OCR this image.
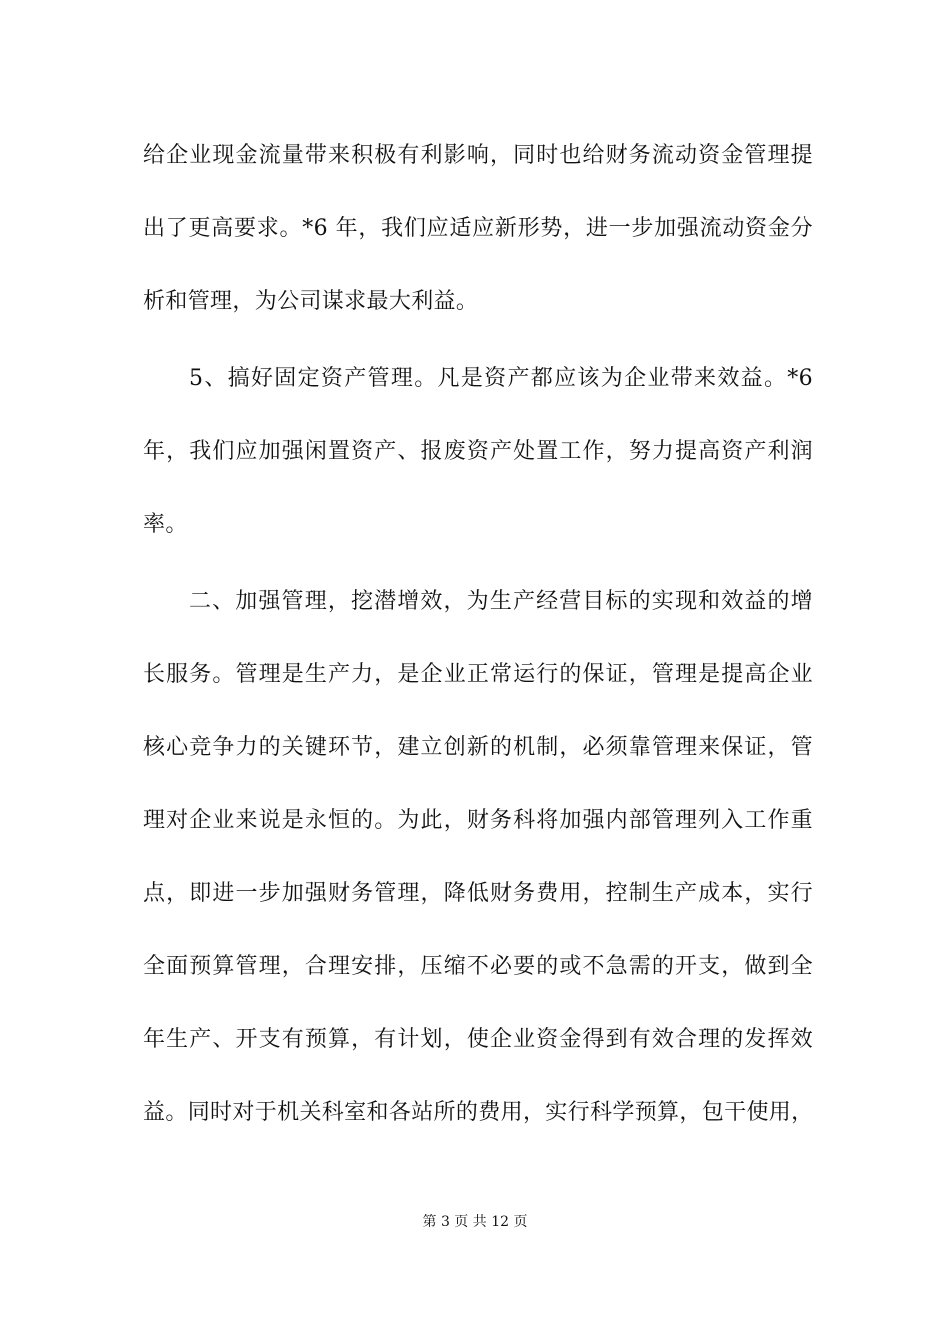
给企业现金流量带来积极有利影响，同时也给财务流动资金管理提
出了更高要求。*6 年，我们应适应新形势，进一步加强流动资金分
析和管理，为公司谋求最大利益。
5、搞好固定资产管理。凡是资产都应该为企业带来效益。*6
年，我们应加强闲置资产、报废资产处置工作，努力提高资产利润
率。
二、加强管理，挖潜增效，为生产经营目标的实现和效益的增
长服务。管理是生产力，是企业正常运行的保证，管理是提高企业
核心竞争力的关键环节，建立创新的机制，必须靠管理来保证，管
理对企业来说是永恒的。为此，财务科将加强内部管理列入工作重
点，即进一步加强财务管理，降低财务费用，控制生产成本，实行
全面预算管理，合理安排，压缩不必要的或不急需的开支，做到全
年生产、开支有预算，有计划，使企业资金得到有效合理的发挥效
益。同时对于机关科室和各站所的费用，实行科学预算，包干使用，
第 3 页 共 12 页
